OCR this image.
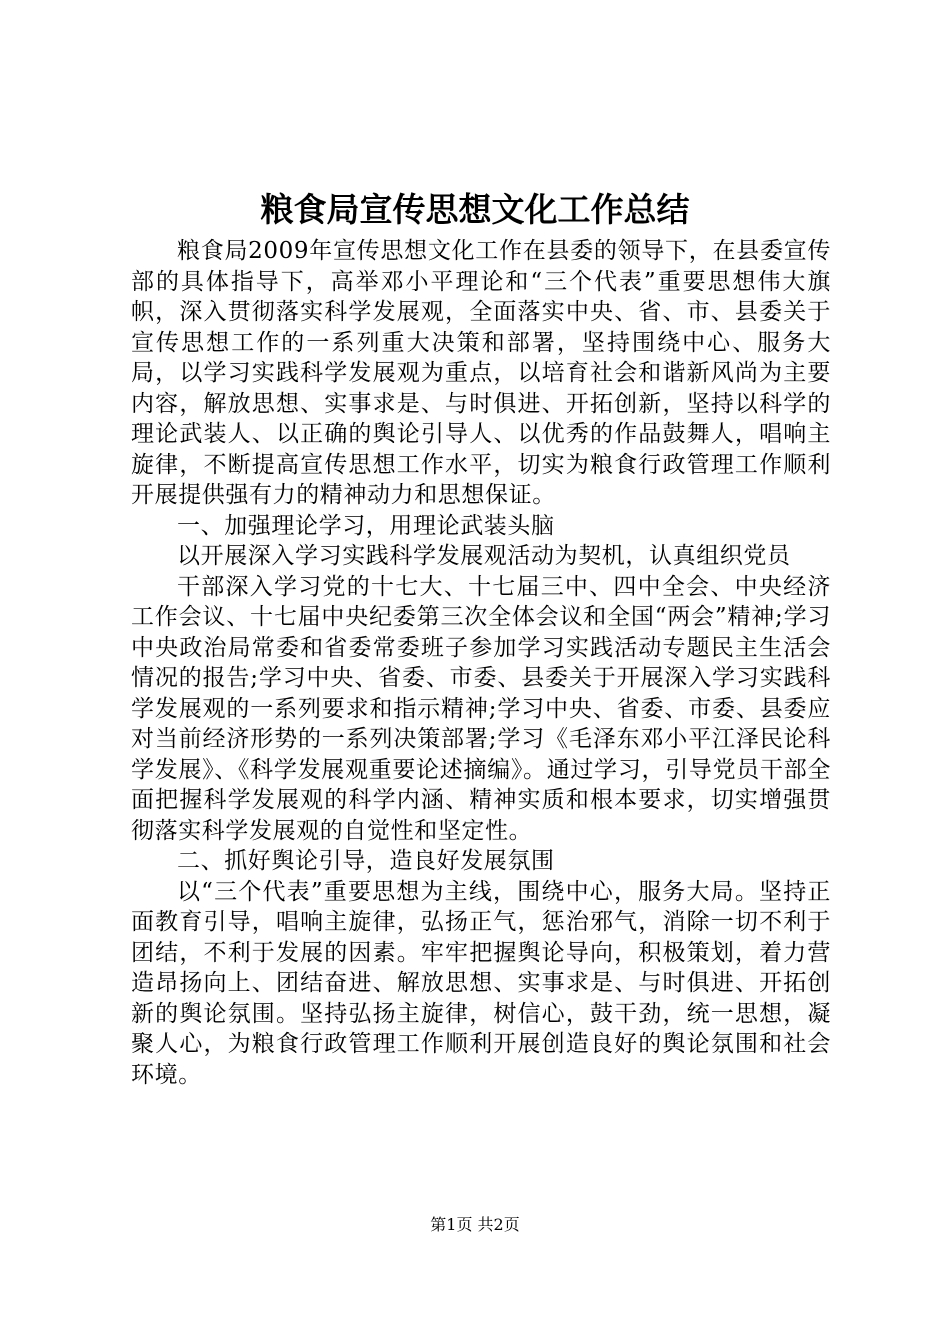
粮食局宣传思想文化工作总结

粮食局2009年宣传思想文化工作在县委的领导下，在县委宣传部的具体指导下，高举邓小平理论和“三个代表”重要思想伟大旗帜，深入贯彻落实科学发展观，全面落实中央、省、市、县委关于宣传思想工作的一系列重大决策和部署，坚持围绕中心、服务大局，以学习实践科学发展观为重点，以培育社会和谐新风尚为主要内容，解放思想、实事求是、与时俱进、开拓创新，坚持以科学的理论武装人、以正确的舆论引导人、以优秀的作品鼓舞人，唱响主旋律，不断提高宣传思想工作水平，切实为粮食行政管理工作顺利开展提供强有力的精神动力和思想保证。

一、加强理论学习，用理论武装头脑

以开展深入学习实践科学发展观活动为契机，认真组织党员

干部深入学习党的十七大、十七届三中、四中全会、中央经济工作会议、十七届中央纪委第三次全体会议和全国“两会”精神;学习中央政治局常委和省委常委班子参加学习实践活动专题民主生活会情况的报告;学习中央、省委、市委、县委关于开展深入学习实践科学发展观的一系列要求和指示精神;学习中央、省委、市委、县委应对当前经济形势的一系列决策部署;学习《毛泽东邓小平江泽民论科学发展》、《科学发展观重要论述摘编》。通过学习，引导党员干部全面把握科学发展观的科学内涵、精神实质和根本要求，切实增强贯彻落实科学发展观的自觉性和坚定性。

二、抓好舆论引导，造良好发展氛围

以“三个代表”重要思想为主线，围绕中心，服务大局。坚持正面教育引导，唱响主旋律，弘扬正气，惩治邪气，消除一切不利于团结，不利于发展的因素。牢牢把握舆论导向，积极策划，着力营造昂扬向上、团结奋进、解放思想、实事求是、与时俱进、开拓创新的舆论氛围。坚持弘扬主旋律，树信心，鼓干劲，统一思想，凝聚人心，为粮食行政管理工作顺利开展创造良好的舆论氛围和社会环境。

第1页 共2页
